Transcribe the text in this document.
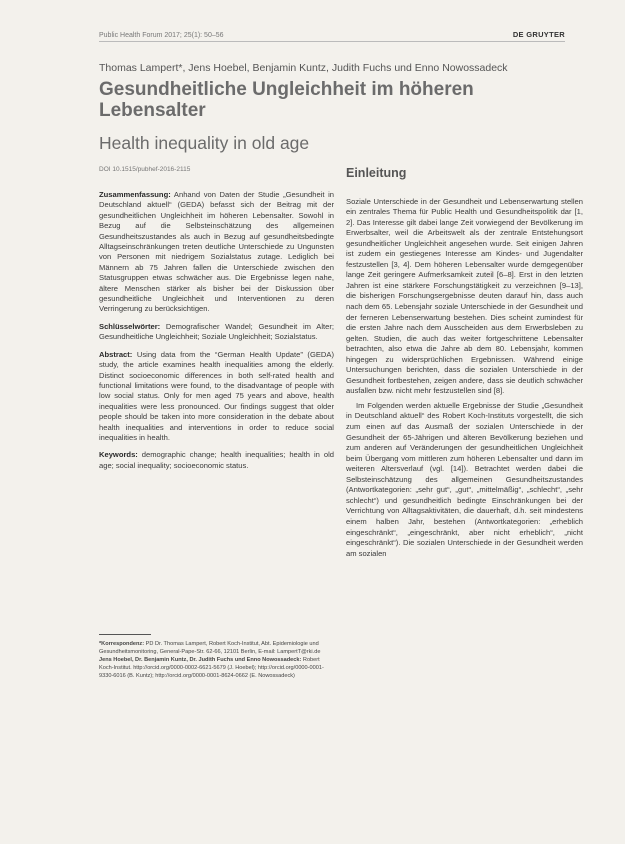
Public Health Forum 2017; 25(1): 50–56	DE GRUYTER
Thomas Lampert*, Jens Hoebel, Benjamin Kuntz, Judith Fuchs und Enno Nowossadeck
Gesundheitliche Ungleichheit im höheren Lebensalter
Health inequality in old age
DOI 10.1515/pubhef-2016-2115

Zusammenfassung: Anhand von Daten der Studie „Gesundheit in Deutschland aktuell“ (GEDA) befasst sich der Beitrag mit der gesundheitlichen Ungleichheit im höheren Lebensalter. Sowohl in Bezug auf die Selbsteinschätzung des allgemeinen Gesundheitszustandes als auch in Bezug auf gesundheitsbedingte Alltagseinschränkungen treten deutliche Unterschiede zu Ungunsten von Personen mit niedrigem Sozialstatus zutage. Lediglich bei Männern ab 75 Jahren fallen die Unterschiede zwischen den Statusgruppen etwas schwächer aus. Die Ergebnisse legen nahe, ältere Menschen stärker als bisher bei der Diskussion über gesundheitliche Ungleichheit und Interventionen zu deren Verringerung zu berücksichtigen.

Schlüsselwörter: Demografischer Wandel; Gesundheit im Alter; Gesundheitliche Ungleichheit; Soziale Ungleichheit; Sozialstatus.

Abstract: Using data from the “German Health Update” (GEDA) study, the article examines health inequalities among the elderly. Distinct socioeconomic differences in both self-rated health and functional limitations were found, to the disadvantage of people with low social status. Only for men aged 75 years and above, health inequalities were less pronounced. Our findings suggest that older people should be taken into more consideration in the debate about health inequalities and interventions in order to reduce social inequalities in health.

Keywords: demographic change; health inequalities; health in old age; social inequality; socioeconomic status.

*Korrespondenz: PD Dr. Thomas Lampert, Robert Koch-Institut, Abt. Epidemiologie und Gesundheitsmonitoring, General-Pape-Str. 62-66, 12101 Berlin, E-mail: LampertT@rki.de

Jens Hoebel, Dr. Benjamin Kuntz, Dr. Judith Fuchs und Enno Nowossadeck: Robert Koch-Institut. http://orcid.org/0000-0002-6621-5679 (J. Hoebel); http://orcid.org/0000-0001-9330-6016 (B. Kuntz); http://orcid.org/0000-0001-8624-0662 (E. Nowossadeck)

Einleitung

Soziale Unterschiede in der Gesundheit und Lebenserwartung stellen ein zentrales Thema für Public Health und Gesundheitspolitik dar [1, 2]. Das Interesse gilt dabei lange Zeit vorwiegend der Bevölkerung im Erwerbsalter, weil die Arbeitswelt als der zentrale Entstehungsort gesundheitlicher Ungleichheit angesehen wurde. Seit einigen Jahren ist zudem ein gestiegenes Interesse am Kindes- und Jugendalter festzustellen [3, 4]. Dem höheren Lebensalter wurde demgegenüber lange Zeit geringere Aufmerksamkeit zuteil [6–8]. Erst in den letzten Jahren ist eine stärkere Forschungstätigkeit zu verzeichnen [9–13], die bisherigen Forschungsergebnisse deuten darauf hin, dass auch nach dem 65. Lebensjahr soziale Unterschiede in der Gesundheit und der ferneren Lebenserwartung bestehen. Dies scheint zumindest für die ersten Jahre nach dem Ausscheiden aus dem Erwerbsleben zu gelten. Studien, die auch das weiter fortgeschrittene Lebensalter betrachten, also etwa die Jahre ab dem 80. Lebensjahr, kommen hingegen zu widersprüchlichen Ergebnissen. Während einige Untersuchungen berichten, dass die sozialen Unterschiede in der Gesundheit fortbestehen, zeigen andere, dass sie deutlich schwächer ausfallen bzw. nicht mehr festzustellen sind [8].

Im Folgenden werden aktuelle Ergebnisse der Studie „Gesundheit in Deutschland aktuell“ des Robert Koch-Instituts vorgestellt, die sich zum einen auf das Ausmaß der sozialen Unterschiede in der Gesundheit der 65-Jährigen und älteren Bevölkerung beziehen und zum anderen auf Veränderungen der gesundheitlichen Ungleichheit beim Übergang vom mittleren zum höheren Lebensalter und dann im weiteren Altersverlauf (vgl. [14]). Betrachtet werden dabei die Selbsteinschätzung des allgemeinen Gesundheitszustandes (Antwortkategorien: „sehr gut“, „gut“, „mittelmäßig“, „schlecht“, „sehr schlecht“) und gesundheitlich bedingte Einschränkungen bei der Verrichtung von Alltagsaktivitäten, die dauerhaft, d.h. seit mindestens einem halben Jahr, bestehen (Antwortkategorien: „erheblich eingeschränkt“, „eingeschränkt, aber nicht erheblich“, „nicht eingeschränkt“). Die sozialen Unterschiede in der Gesundheit werden am sozialen
